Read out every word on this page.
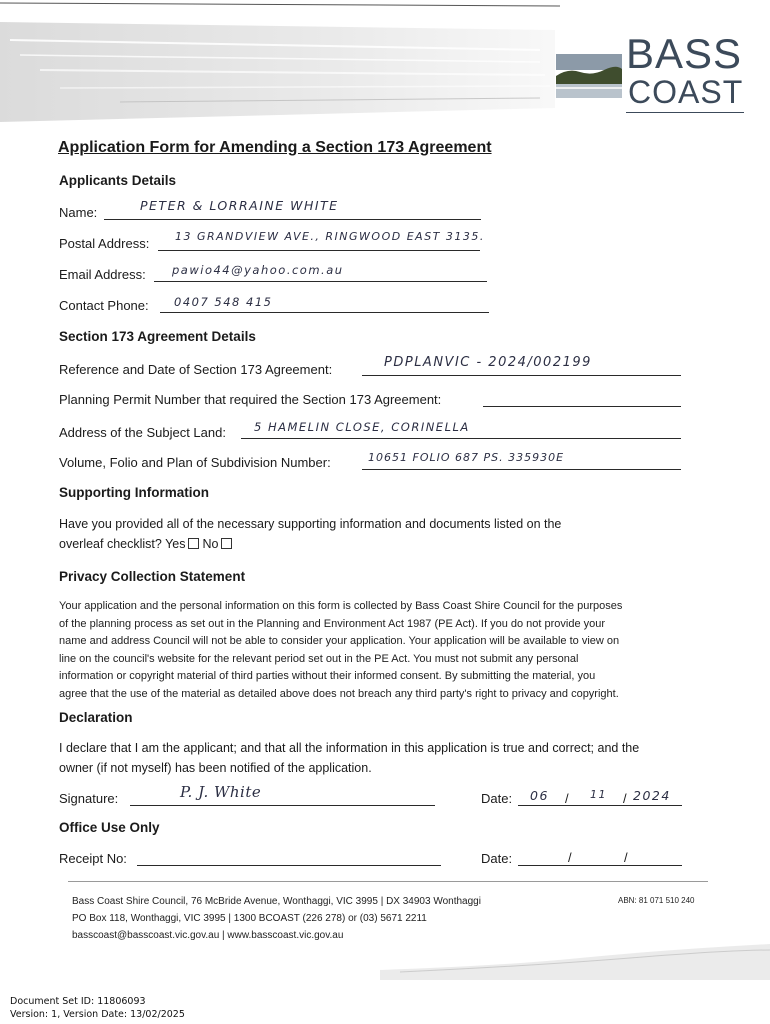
BASS
COAST
Application Form for Amending a Section 173 Agreement
Applicants Details
Name:	PETER & LORRAINE WHITE
Postal Address: 13 GRANDVIEW AVE., RINGWOOD EAST 3135.
Email Address: pawio44@yahoo.com.au
Contact Phone: 0407 548 415
Section 173 Agreement Details
Reference and Date of Section 173 Agreement:	PDPLANVIC - 2024/002199
Planning Permit Number that required the Section 173 Agreement:
Address of the Subject Land: 5 HAMELIN CLOSE, CORINELLA
Volume, Folio and Plan of Subdivision Number:	10651 FOLIO 687 PS. 335930E
Supporting Information
Have you provided all of the necessary supporting information and documents listed on the
overleaf checklist? Yes No
Privacy Collection Statement
Your application and the personal information on this form is collected by Bass Coast Shire Council for the purposes
of the planning process as set out in the Planning and Environment Act 1987 (PE Act). If you do not provide your
name and address Council will not be able to consider your application. Your application will be available to view on
line on the council's website for the relevant period set out in the PE Act. You must not submit any personal
information or copyright material of third parties without their informed consent. By submitting the material, you
agree that the use of the material as detailed above does not breach any third party's right to privacy and copyright.
Declaration
I declare that I am the applicant; and that all the information in this application is true and correct; and the
owner (if not myself) has been notified of the application.
Signature:	P. J. White	Date: 06 / 11 / 2024
Office Use Only
Receipt No:	Date:	/	/
Bass Coast Shire Council, 76 McBride Avenue, Wonthaggi, VIC 3995 | DX 34903 Wonthaggi
PO Box 118, Wonthaggi, VIC 3995 | 1300 BCOAST (226 278) or (03) 5671 2211
basscoast@basscoast.vic.gov.au | www.basscoast.vic.gov.au
ABN: 81 071 510 240
Document Set ID: 11806093
Version: 1, Version Date: 13/02/2025
